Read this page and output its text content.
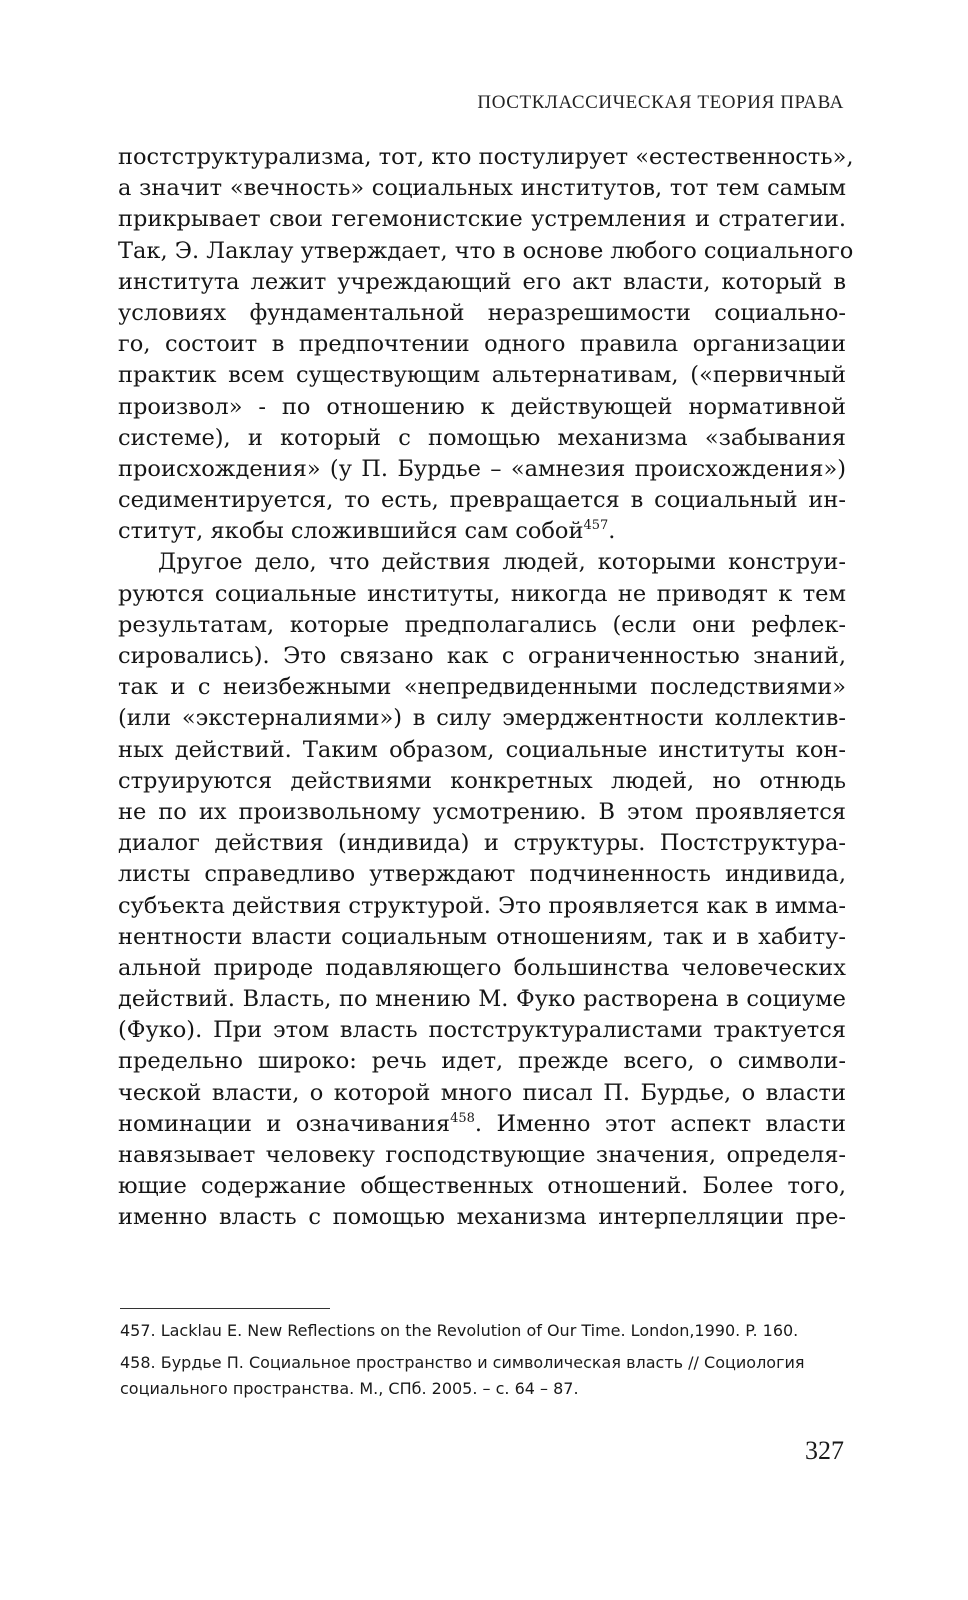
ПОСТКЛАССИЧЕСКАЯ ТЕОРИЯ ПРАВА

постструктурализма, тот, кто постулирует «естественность»,
а значит «вечность» социальных институтов, тот тем самым
прикрывает свои гегемонистские устремления и стратегии.
Так, Э. Лаклау утверждает, что в основе любого социального
института лежит учреждающий его акт власти, который в
условиях фундаментальной неразрешимости социально-
го, состоит в предпочтении одного правила организации
практик всем существующим альтернативам, («первичный
произвол» - по отношению к действующей нормативной
системе), и который с помощью механизма «забывания
происхождения» (у П. Бурдье – «амнезия происхождения»)
седиментируется, то есть, превращается в социальный ин-
ститут, якобы сложившийся сам собой$^{457}$.

Другое дело, что действия людей, которыми конструи-
руются социальные институты, никогда не приводят к тем
результатам, которые предполагались (если они рефлек-
сировались). Это связано как с ограниченностью знаний,
так и с неизбежными «непредвиденными последствиями»
(или «экстерналиями») в силу эмерджентности коллектив-
ных действий. Таким образом, социальные институты кон-
струируются действиями конкретных людей, но отнюдь
не по их произвольному усмотрению. В этом проявляется
диалог действия (индивида) и структуры. Постструктура-
листы справедливо утверждают подчиненность индивида,
субъекта действия структурой. Это проявляется как в имма-
нентности власти социальным отношениям, так и в хабиту-
альной природе подавляющего большинства человеческих
действий. Власть, по мнению М. Фуко растворена в социуме
(Фуко). При этом власть постструктуралистами трактуется
предельно широко: речь идет, прежде всего, о символи-
ческой власти, о которой много писал П. Бурдье, о власти
номинации и означивания$^{458}$. Именно этот аспект власти
навязывает человеку господствующие значения, определя-
ющие содержание общественных отношений. Более того,
именно власть с помощью механизма интерпелляции пре-

457. Lacklau E. New Reflections on the Revolution of Our Time. London,1990. P. 160.

458. Бурдье П. Социальное пространство и символическая власть // Социология социального пространства. М., СПб. 2005. – с. 64 – 87.

327
